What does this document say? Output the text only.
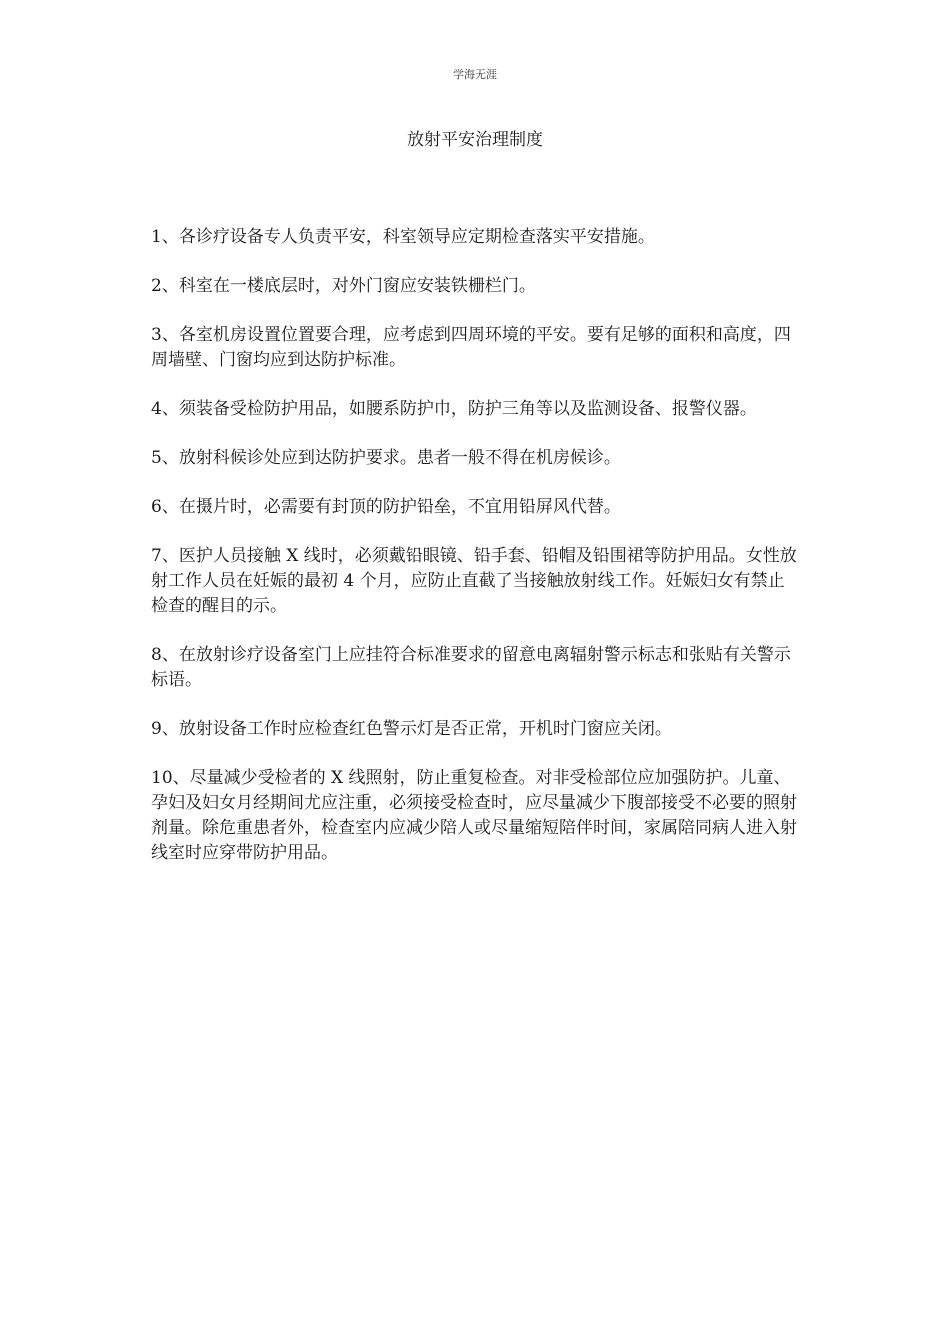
学海无涯
放射平安治理制度

1、各诊疗设备专人负责平安，科室领导应定期检查落实平安措施。

2、科室在一楼底层时，对外门窗应安装铁栅栏门。

3、各室机房设置位置要合理，应考虑到四周环境的平安。要有足够的面积和高度，四周墙壁、门窗均应到达防护标准。

4、须装备受检防护用品，如腰系防护巾，防护三角等以及监测设备、报警仪器。

5、放射科候诊处应到达防护要求。患者一般不得在机房候诊。

6、在摄片时，必需要有封顶的防护铅垒，不宜用铅屏风代替。

7、医护人员接触 X 线时，必须戴铅眼镜、铅手套、铅帽及铅围裙等防护用品。女性放射工作人员在妊娠的最初 4 个月，应防止直截了当接触放射线工作。妊娠妇女有禁止检查的醒目的示。

8、在放射诊疗设备室门上应挂符合标准要求的留意电离辐射警示标志和张贴有关警示标语。

9、放射设备工作时应检查红色警示灯是否正常，开机时门窗应关闭。

10、尽量减少受检者的 X 线照射，防止重复检查。对非受检部位应加强防护。儿童、孕妇及妇女月经期间尤应注重，必须接受检查时，应尽量减少下腹部接受不必要的照射剂量。除危重患者外，检查室内应减少陪人或尽量缩短陪伴时间，家属陪同病人进入射线室时应穿带防护用品。
